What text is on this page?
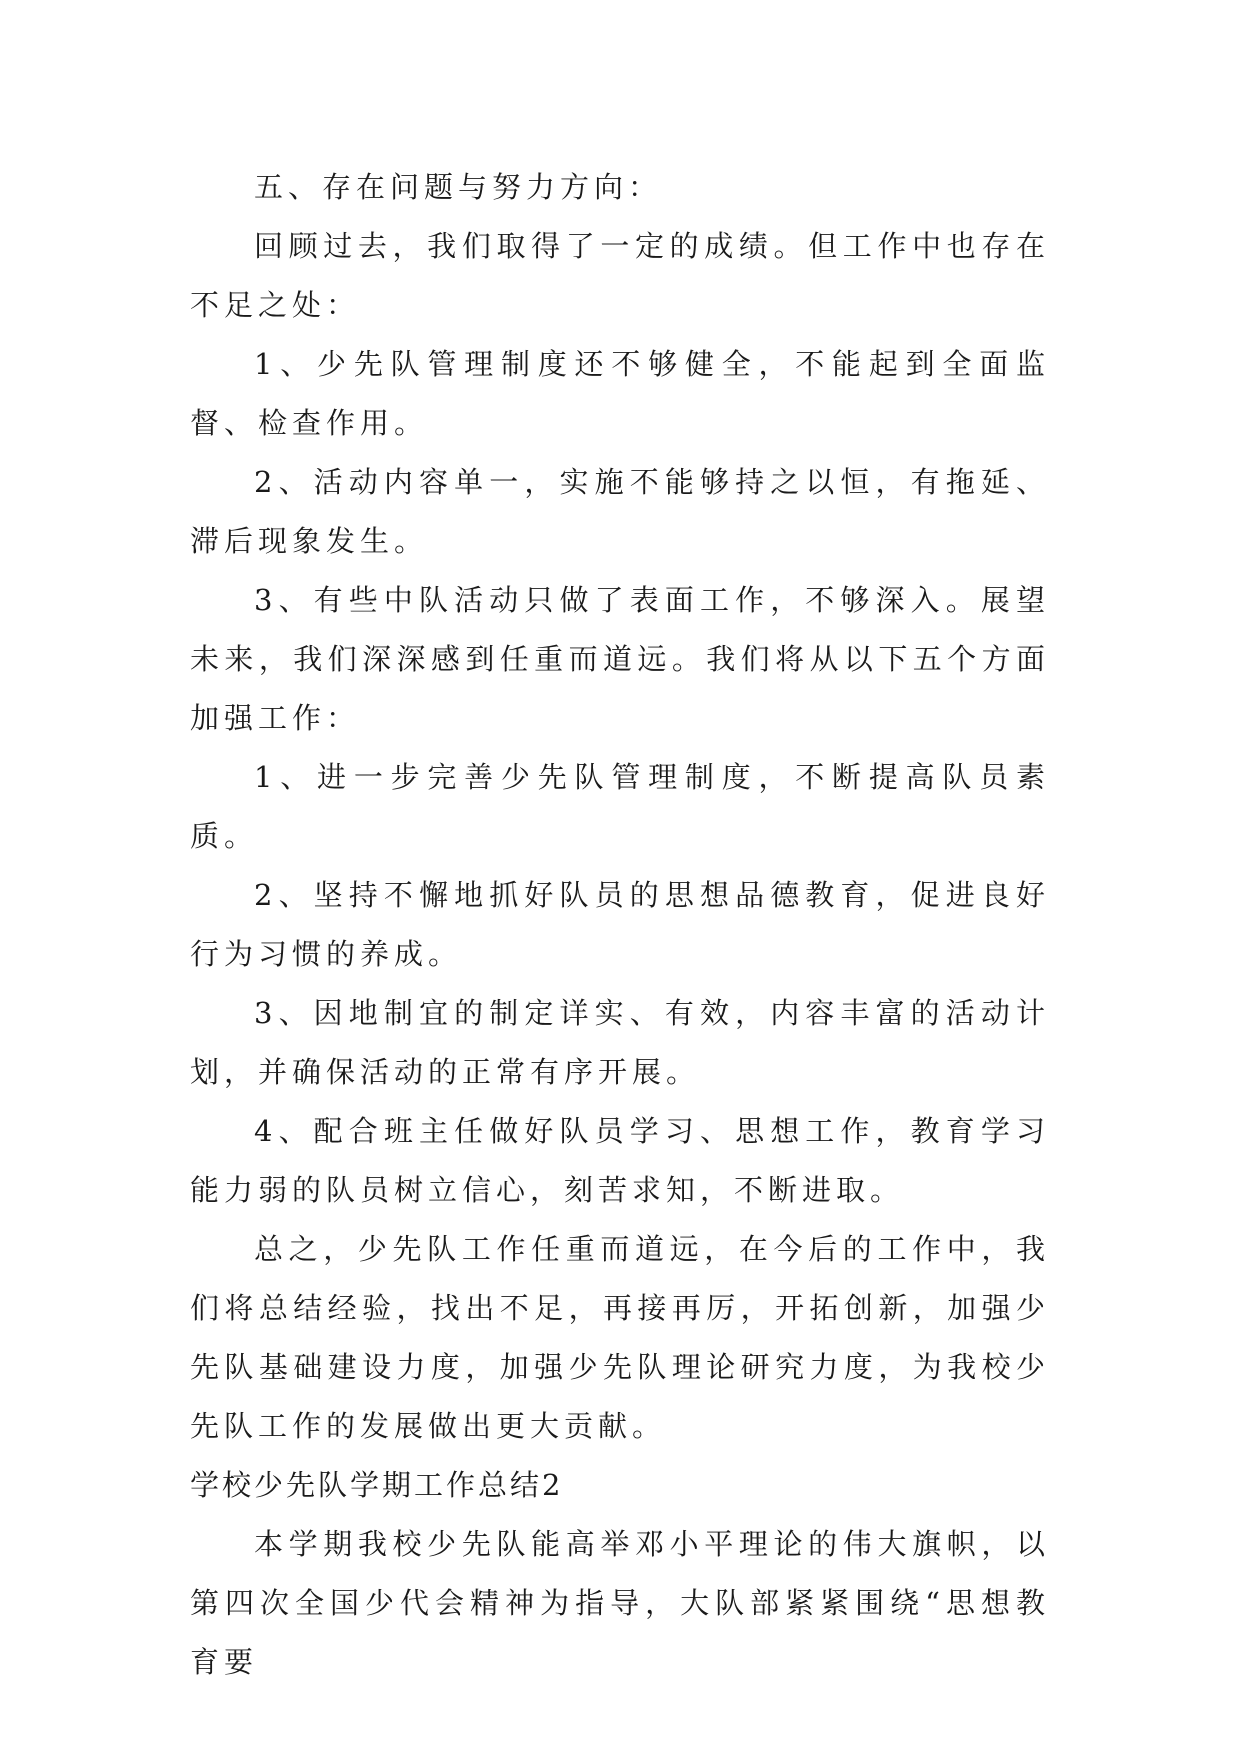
五、存在问题与努力方向：

回顾过去，我们取得了一定的成绩。但工作中也存在不足之处：

1、少先队管理制度还不够健全，不能起到全面监督、检查作用。

2、活动内容单一，实施不能够持之以恒，有拖延、滞后现象发生。

3、有些中队活动只做了表面工作，不够深入。展望未来，我们深深感到任重而道远。我们将从以下五个方面加强工作：

1、进一步完善少先队管理制度，不断提高队员素质。

2、坚持不懈地抓好队员的思想品德教育，促进良好行为习惯的养成。

3、因地制宜的制定详实、有效，内容丰富的活动计划，并确保活动的正常有序开展。

4、配合班主任做好队员学习、思想工作，教育学习能力弱的队员树立信心，刻苦求知，不断进取。

总之，少先队工作任重而道远，在今后的工作中，我们将总结经验，找出不足，再接再厉，开拓创新，加强少先队基础建设力度，加强少先队理论研究力度，为我校少先队工作的发展做出更大贡献。

学校少先队学期工作总结2

本学期我校少先队能高举邓小平理论的伟大旗帜，以第四次全国少代会精神为指导，大队部紧紧围绕“思想教育要
